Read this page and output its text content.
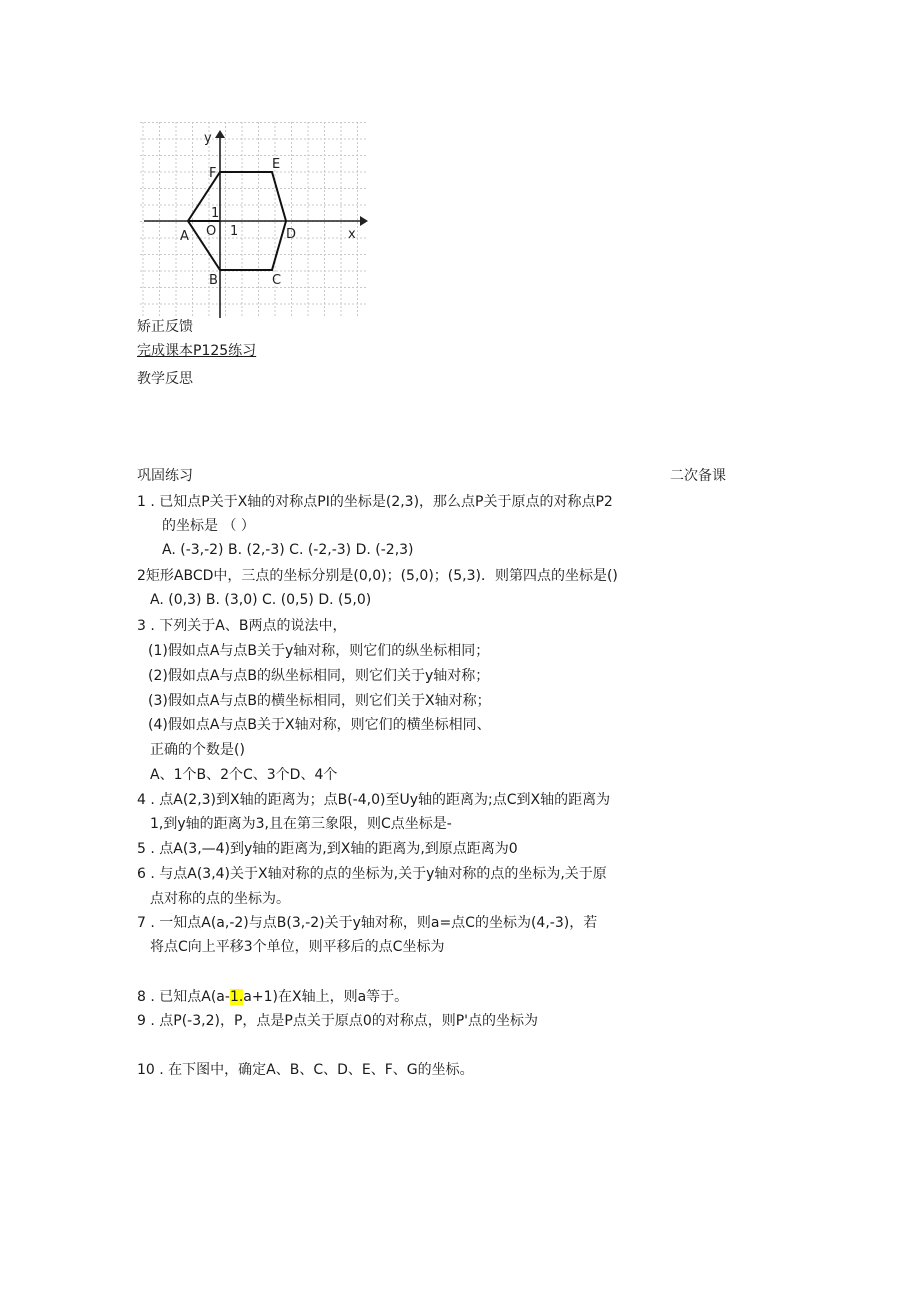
y
x
O
1
1
A
B	C
D
E
F

矫正反馈

完成课本P125练习

教学反思

巩固练习	二次备课

1 . 已知点P关于X轴的对称点PI的坐标是(2,3)，那么点P关于原点的对称点P2

的坐标是 （ ）

A. (-3,-2) B. (2,-3) C. (-2,-3) D. (-2,3)

2矩形ABCD中，三点的坐标分别是(0,0)；(5,0)；(5,3)．则第四点的坐标是()

A. (0,3) B. (3,0) C. (0,5) D. (5,0)

3 . 下列关于A、B两点的说法中，

(1)假如点A与点B关于y轴对称，则它们的纵坐标相同；

(2)假如点A与点B的纵坐标相同，则它们关于y轴对称；

(3)假如点A与点B的横坐标相同，则它们关于X轴对称；

(4)假如点A与点B关于X轴对称，则它们的横坐标相同、

正确的个数是()

A、1个B、2个C、3个D、4个

4 . 点A(2,3)到X轴的距离为；点B(-4,0)至Uy轴的距离为;点C到X轴的距离为

1,到y轴的距离为3,且在第三象限，则C点坐标是-

5 . 点A(3,—4)到y轴的距离为,到X轴的距离为,到原点距离为0

6 . 与点A(3,4)关于X轴对称的点的坐标为,关于y轴对称的点的坐标为,关于原

点对称的点的坐标为。

7 . 一知点A(a,-2)与点B(3,-2)关于y轴对称，则a=点C的坐标为(4,-3)，若

将点C向上平移3个单位，则平移后的点C坐标为

8 . 已知点A(a-1.a+1)在X轴上，则a等于。

9 . 点P(-3,2)，P，点是P点关于原点0的对称点，则P'点的坐标为

10 . 在下图中，确定A、B、C、D、E、F、G的坐标。
